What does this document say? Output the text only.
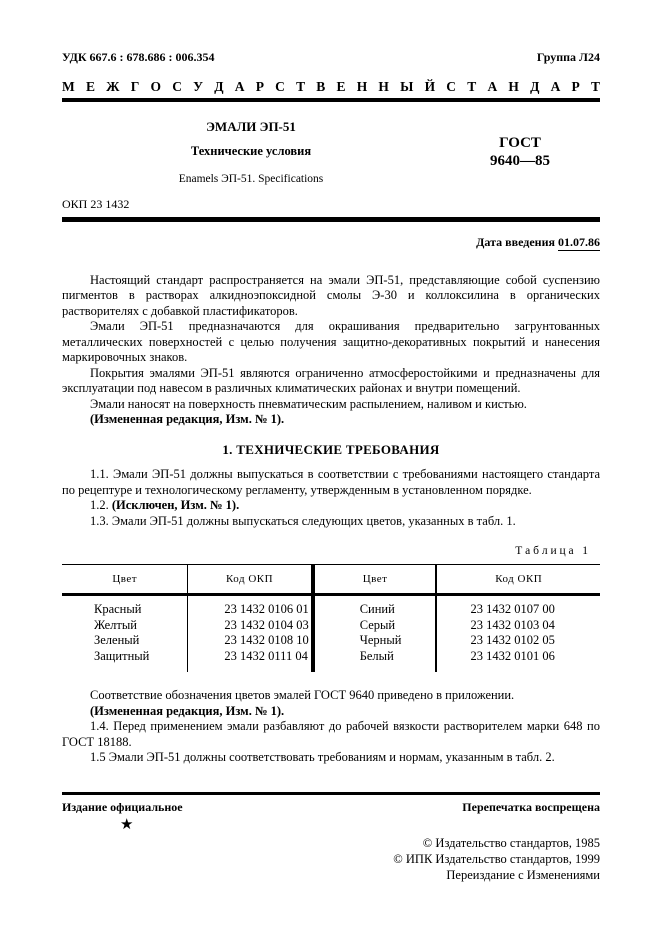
УДК 667.6 : 678.686 : 006.354	Группа Л24
М Е Ж Г О С У Д А Р С Т В Е Н Н Ы Й С Т А Н Д А Р Т
ЭМАЛИ ЭП-51
Технические условия
Enamels ЭП-51. Specifications
ГОСТ
9640—85
ОКП 23 1432
Дата введения 01.07.86

Настоящий стандарт распространяется на эмали ЭП-51, представляющие собой суспензию пигментов в растворах алкидноэпоксидной смолы Э-30 и коллоксилина в органических растворителях с добавкой пластификаторов.

Эмали ЭП-51 предназначаются для окрашивания предварительно загрунтованных металлических поверхностей с целью получения защитно-декоративных покрытий и нанесения маркировочных знаков.

Покрытия эмалями ЭП-51 являются ограниченно атмосферостойкими и предназначены для эксплуатации под навесом в различных климатических районах и внутри помещений.

Эмали наносят на поверхность пневматическим распылением, наливом и кистью.

(Измененная редакция, Изм. № 1).

1. ТЕХНИЧЕСКИЕ ТРЕБОВАНИЯ

1.1. Эмали ЭП-51 должны выпускаться в соответствии с требованиями настоящего стандарта по рецептуре и технологическому регламенту, утвержденным в установленном порядке.

1.2. (Исключен, Изм. № 1).

1.3. Эмали ЭП-51 должны выпускаться следующих цветов, указанных в табл. 1.

Т а б л и ц а   1
Цвет	Код ОКП	Цвет	Код ОКП
Красный	23 1432 0106 01	Синий	23 1432 0107 00
Желтый	23 1432 0104 03	Серый	23 1432 0103 04
Зеленый	23 1432 0108 10	Черный	23 1432 0102 05
Защитный	23 1432 0111 04	Белый	23 1432 0101 06

Соответствие обозначения цветов эмалей ГОСТ 9640 приведено в приложении.

(Измененная редакция, Изм. № 1).

1.4. Перед применением эмали разбавляют до рабочей вязкости растворителем марки 648 по ГОСТ 18188.

1.5 Эмали ЭП-51 должны соответствовать требованиям и нормам, указанным в табл. 2.

Издание официальное	Перепечатка воспрещена
★
© Издательство стандартов, 1985
© ИПК Издательство стандартов, 1999
Переиздание с Изменениями
